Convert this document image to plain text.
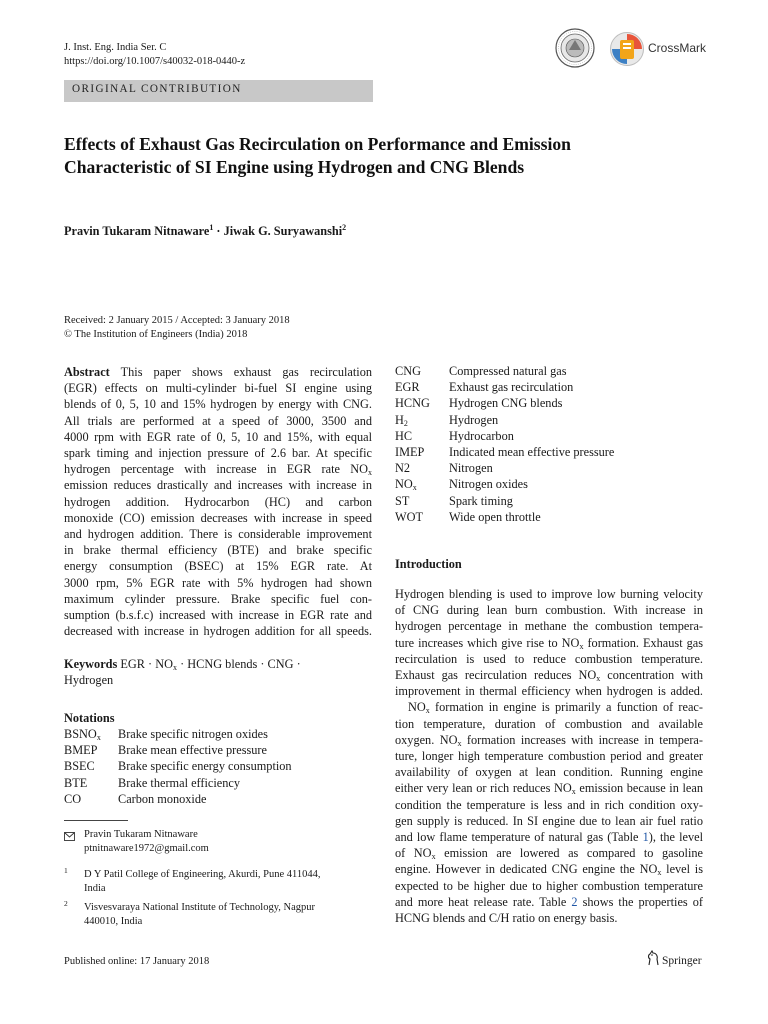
J. Inst. Eng. India Ser. C
https://doi.org/10.1007/s40032-018-0440-z
CrossMark
ORIGINAL CONTRIBUTION
Effects of Exhaust Gas Recirculation on Performance and Emission Characteristic of SI Engine using Hydrogen and CNG Blends
Pravin Tukaram Nitnaware$^1$ · Jiwak G. Suryawanshi$^2$
Received: 2 January 2015 / Accepted: 3 January 2018
© The Institution of Engineers (India) 2018
Abstract This paper shows exhaust gas recirculation
(EGR) effects on multi-cylinder bi-fuel SI engine using
blends of 0, 5, 10 and 15% hydrogen by energy with CNG.
All trials are performed at a speed of 3000, 3500 and
4000 rpm with EGR rate of 0, 5, 10 and 15%, with equal
spark timing and injection pressure of 2.6 bar. At specific
hydrogen percentage with increase in EGR rate $NO_x$
emission reduces drastically and increases with increase in
hydrogen addition. Hydrocarbon (HC) and carbon
monoxide (CO) emission decreases with increase in speed
and hydrogen addition. There is considerable improvement
in brake thermal efficiency (BTE) and brake specific
energy consumption (BSEC) at 15% EGR rate. At
3000 rpm, 5% EGR rate with 5% hydrogen had shown
maximum cylinder pressure. Brake specific fuel con-
sumption (b.s.f.c) increased with increase in EGR rate and
decreased with increase in hydrogen addition for all speeds.
Keywords EGR · $NO_x$ · HCNG blends · CNG ·
Hydrogen
Notations
$BSNO_x$	Brake specific nitrogen oxides
BMEP	Brake mean effective pressure
BSEC	Brake specific energy consumption
BTE	Brake thermal efficiency
CO	Carbon monoxide
Pravin Tukaram Nitnaware
ptnitnaware1972@gmail.com
1 D Y Patil College of Engineering, Akurdi, Pune 411044,
India
2 Visvesvaraya National Institute of Technology, Nagpur
440010, India
CNG	Compressed natural gas
EGR	Exhaust gas recirculation
HCNG	Hydrogen CNG blends
$H_2$	Hydrogen
HC	Hydrocarbon
IMEP	Indicated mean effective pressure
N2	Nitrogen
$NO_x$	Nitrogen oxides
ST	Spark timing
WOT	Wide open throttle
Introduction
Hydrogen blending is used to improve low burning velocity
of CNG during lean burn combustion. With increase in
hydrogen percentage in methane the combustion tempera-
ture increases which give rise to $NO_x$ formation. Exhaust gas
recirculation is used to reduce combustion temperature.
Exhaust gas recirculation reduces $NO_x$ concentration with
improvement in thermal efficiency when hydrogen is added.
$NO_x$ formation in engine is primarily a function of reac-
tion temperature, duration of combustion and available
oxygen. $NO_x$ formation increases with increase in tempera-
ture, longer high temperature combustion period and greater
availability of oxygen at lean condition. Running engine
either very lean or rich reduces $NO_x$ emission because in lean
condition the temperature is less and in rich condition oxy-
gen supply is reduced. In SI engine due to lean air fuel ratio
and low flame temperature of natural gas (Table 1), the level
of $NO_x$ emission are lowered as compared to gasoline
engine. However in dedicated CNG engine the $NO_x$ level is
expected to be higher due to higher combustion temperature
and more heat release rate. Table 2 shows the properties of
HCNG blends and C/H ratio on energy basis.
Published online: 17 January 2018	Springer
